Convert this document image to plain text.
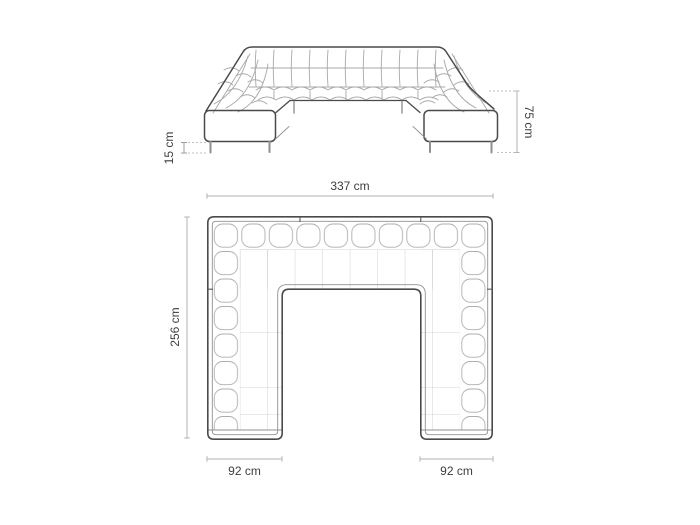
15 cm
75 cm
337 cm
256 cm
92 cm	92 cm
